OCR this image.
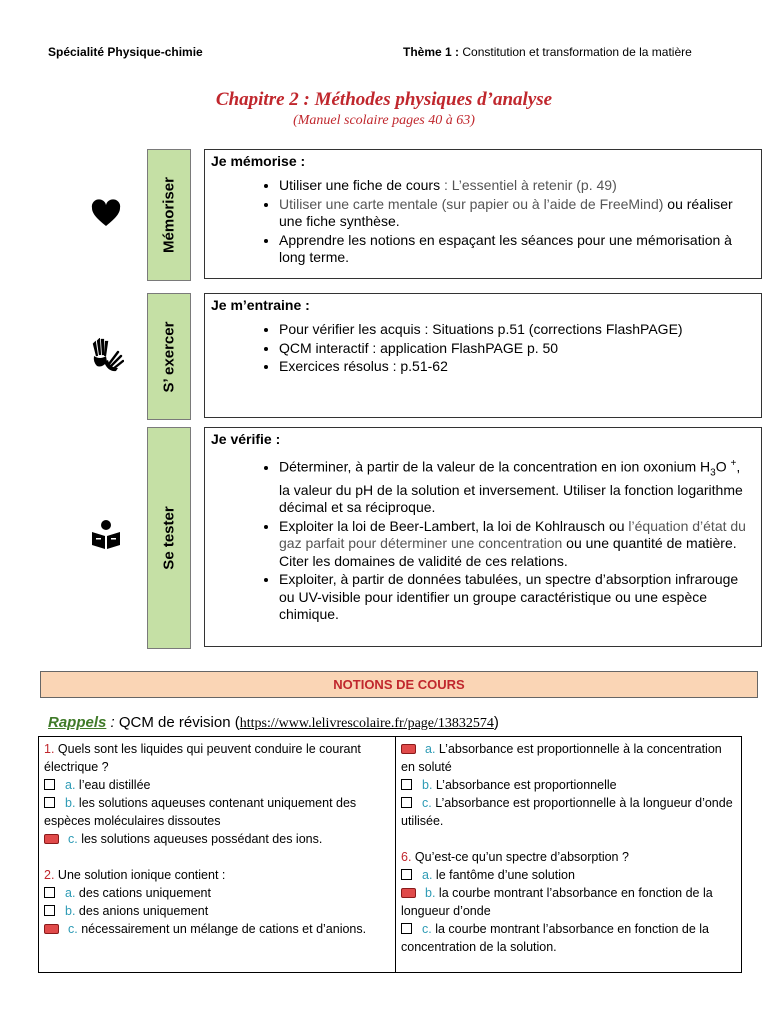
Spécialité Physique-chimie	Thème 1 : Constitution et transformation de la matière
Chapitre 2 : Méthodes physiques d’analyse
(Manuel scolaire pages 40 à 63)
Mémoriser
Je mémorise :
• Utiliser une fiche de cours : L’essentiel à retenir (p. 49)
• Utiliser une carte mentale (sur papier ou à l’aide de FreeMind) ou réaliser une fiche synthèse.
• Apprendre les notions en espaçant les séances pour une mémorisation à long terme.
S’ exercer
Je m’entraine :
• Pour vérifier les acquis : Situations p.51 (corrections FlashPAGE)
• QCM interactif : application FlashPAGE p. 50
• Exercices résolus : p.51-62
Se tester
Je vérifie :
• Déterminer, à partir de la valeur de la concentration en ion oxonium $H_3O$ +, la valeur du pH de la solution et inversement. Utiliser la fonction logarithme décimal et sa réciproque.
• Exploiter la loi de Beer-Lambert, la loi de Kohlrausch ou l’équation d’état du gaz parfait pour déterminer une concentration ou une quantité de matière. Citer les domaines de validité de ces relations.
• Exploiter, à partir de données tabulées, un spectre d’absorption infrarouge ou UV-visible pour identifier un groupe caractéristique ou une espèce chimique.
NOTIONS DE COURS
Rappels : QCM de révision (https://www.lelivrescolaire.fr/page/13832574)
1. Quels sont les liquides qui peuvent conduire le courant électrique ?
a. l’eau distillée
b. les solutions aqueuses contenant uniquement des espèces moléculaires dissoutes
c. les solutions aqueuses possédant des ions.
2. Une solution ionique contient :
a. des cations uniquement
b. des anions uniquement
c. nécessairement un mélange de cations et d’anions.
a. L’absorbance est proportionnelle à la concentration en soluté
b. L’absorbance est proportionnelle
c. L’absorbance est proportionnelle à la longueur d’onde utilisée.
6. Qu’est-ce qu’un spectre d’absorption ?
a. le fantôme d’une solution
b. la courbe montrant l’absorbance en fonction de la longueur d’onde
c. la courbe montrant l’absorbance en fonction de la concentration de la solution.
